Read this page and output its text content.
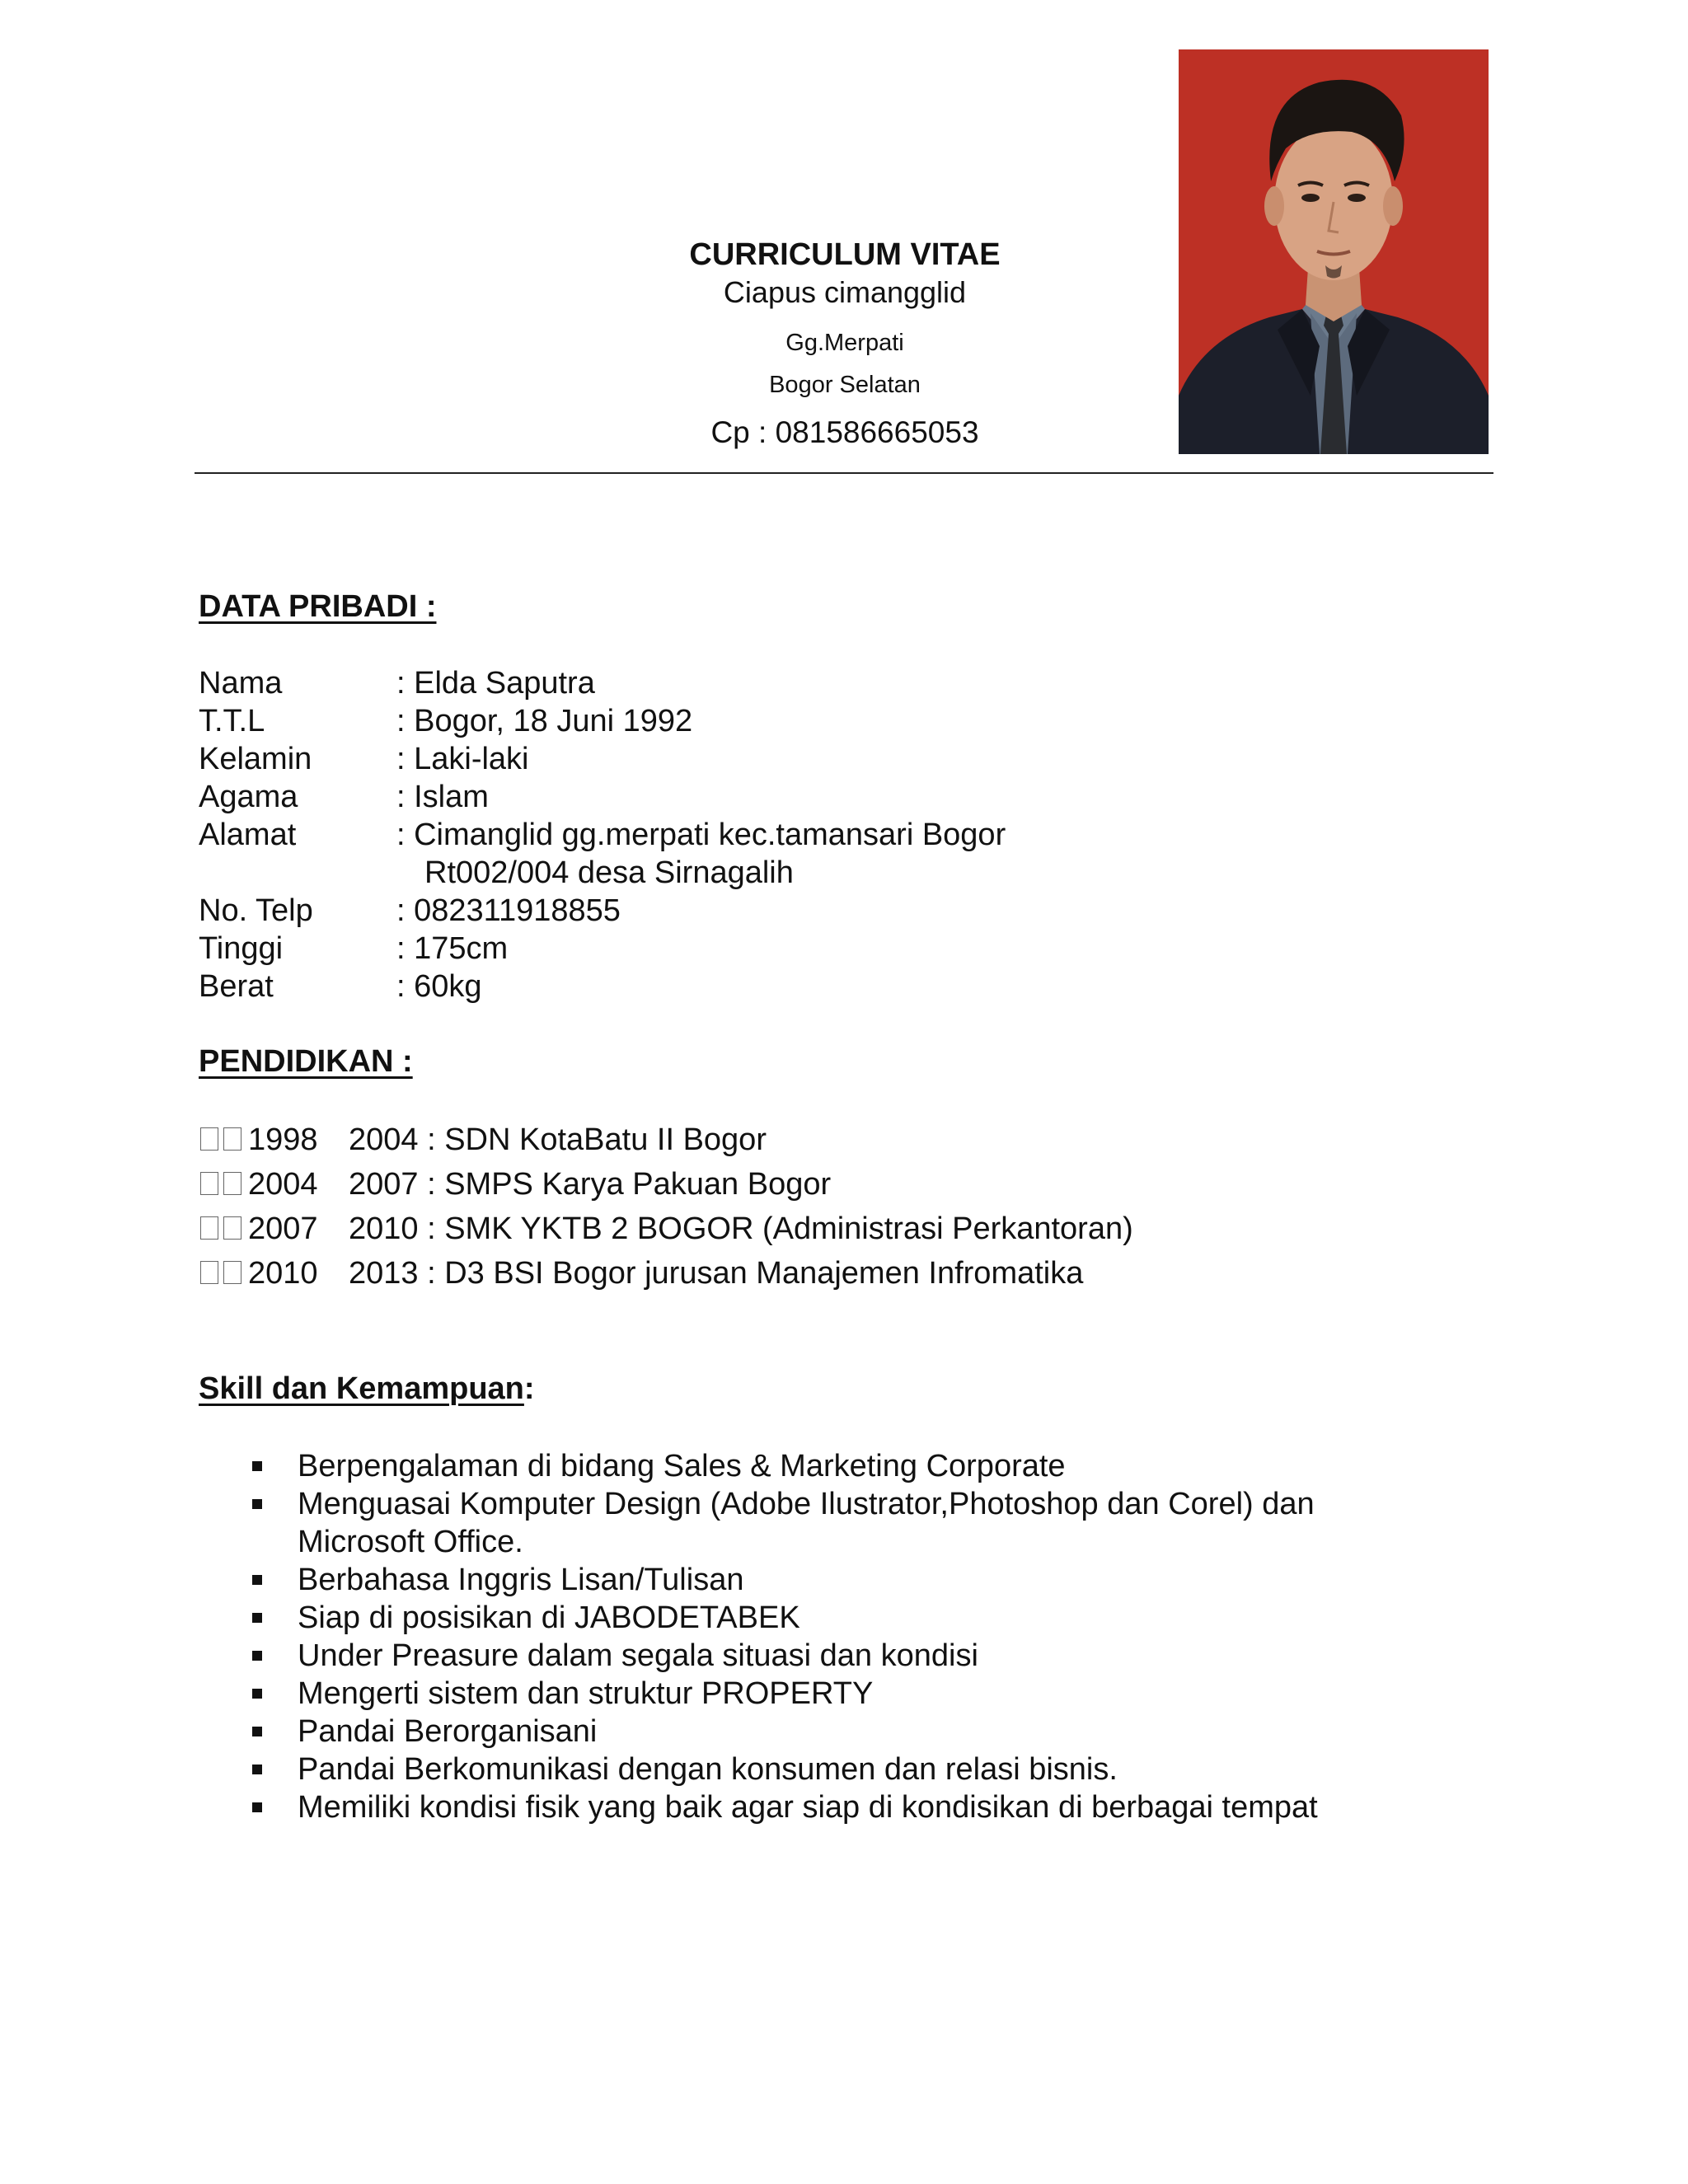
CURRICULUM VITAE
Ciapus cimangglid
Gg.Merpati
Bogor Selatan
Cp : 081586665053
DATA PRIBADI :
Nama	: Elda Saputra
T.T.L	: Bogor, 18 Juni 1992
Kelamin	: Laki-laki
Agama	: Islam
Alamat	: Cimanglid gg.merpati kec.tamansari Bogor
Rt002/004 desa Sirnagalih
No. Telp	: 082311918855
Tinggi	: 175cm
Berat	: 60kg
PENDIDIKAN :
1998 2004 : SDN KotaBatu II Bogor
2004 2007 : SMPS Karya Pakuan Bogor
2007 2010 : SMK YKTB 2 BOGOR (Administrasi Perkantoran)
2010 2013 : D3 BSI Bogor jurusan Manajemen Infromatika
Skill dan Kemampuan:
Berpengalaman di bidang Sales & Marketing Corporate
Menguasai Komputer Design (Adobe Ilustrator,Photoshop dan Corel) dan
Microsoft Office.
Berbahasa Inggris Lisan/Tulisan
Siap di posisikan di JABODETABEK
Under Preasure dalam segala situasi dan kondisi
Mengerti sistem dan struktur PROPERTY
Pandai Berorganisani
Pandai Berkomunikasi dengan konsumen dan relasi bisnis.
Memiliki kondisi fisik yang baik agar siap di kondisikan di berbagai tempat
